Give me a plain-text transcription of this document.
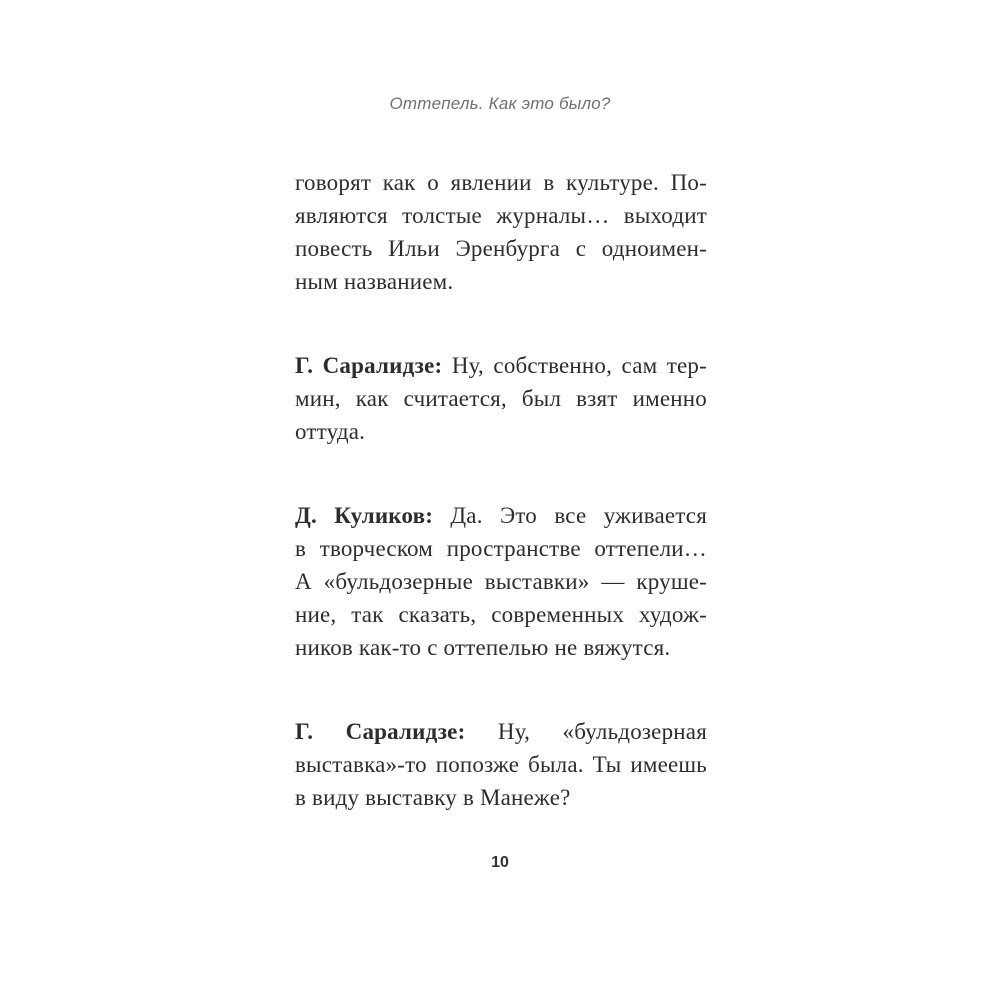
Оттепель. Как это было?
говорят как о явлении в культуре. По-
являются толстые журналы… выходит
повесть Ильи Эренбурга с одноимен-
ным названием.
Г. Саралидзе: Ну, собственно, сам тер-
мин, как считается, был взят именно
оттуда.
Д. Куликов: Да. Это все уживается
в творческом пространстве оттепели…
А «бульдозерные выставки» — круше-
ние, так сказать, современных худож-
ников как-то с оттепелью не вяжутся.
Г. Саралидзе: Ну, «бульдозерная
выставка»-то попозже была. Ты имеешь
в виду выставку в Манеже?
10
